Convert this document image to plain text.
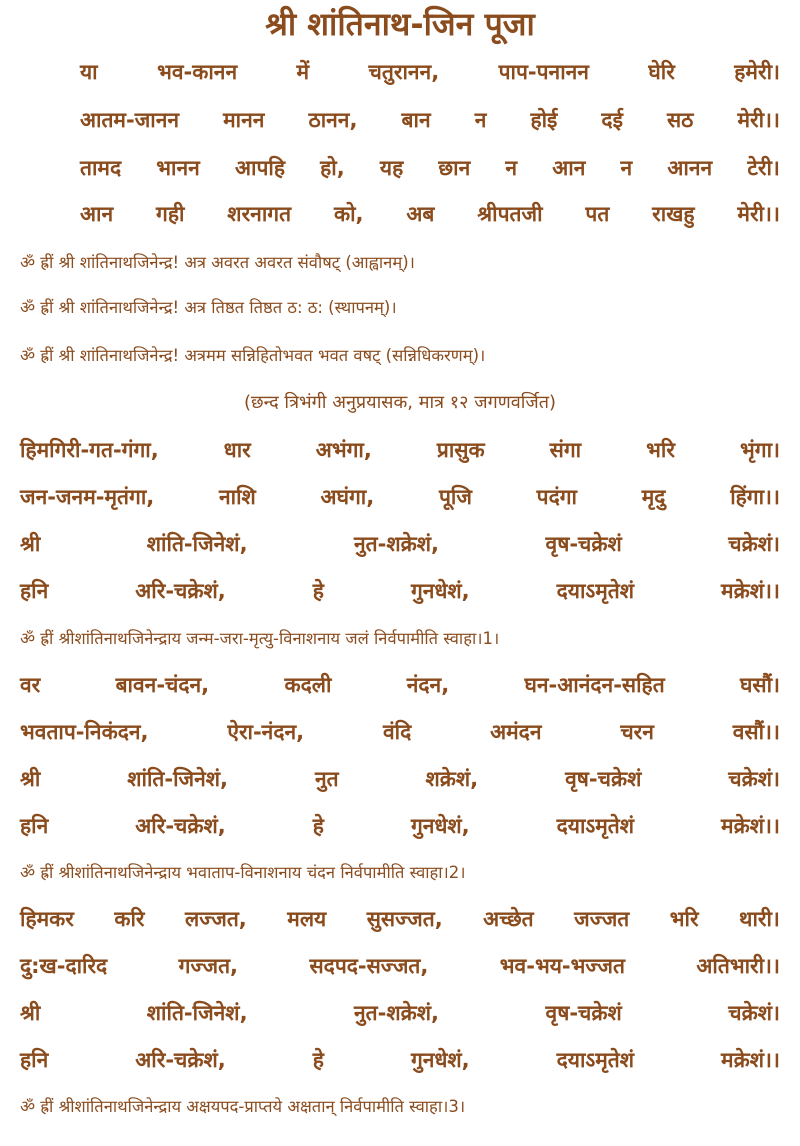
श्री शांतिनाथ-जिन पूजा
या	भव-कानन	में	चतुरानन,	पाप-पनानन	घेरि	हमेरी।
आतम-जानन मानन ठानन, बान न होई दई सठ मेरी।।
तामद भानन आपहि हो, यह छान न आन न आनन टेरी।
आन गही शरनागत को, अब श्रीपतजी पत राखहु मेरी।।
ॐ ह्रीं श्री शांतिनाथजिनेन्द्र! अत्र अवरत अवरत संवौषट् (आह्वानम्)।
ॐ ह्रीं श्री शांतिनाथजिनेन्द्र! अत्र तिष्ठत तिष्ठत ठ: ठ: (स्थापनम्)।
ॐ ह्रीं श्री शांतिनाथजिनेन्द्र! अत्रमम सन्निहितोभवत भवत वषट् (सन्निधिकरणम्)।
(छन्द त्रिभंगी अनुप्रयासक, मात्र १२ जगणवर्जित)
हिमगिरी-गत-गंगा,	धार	अभंगा,	प्रासुक	संगा	भरि	भृंगा।
जन-जनम-मृतंगा,	नाशि	अघंगा,	पूजि	पदंगा	मृदु	हिंगा।।
श्री	शांति-जिनेशं,	नुत-शक्रेशं,	वृष-चक्रेशं	चक्रेशं।
हनि	अरि-चक्रेशं,	हे	गुनधेशं,	दयाऽमृतेशं	मक्रेशं।।
ॐ ह्रीं श्रीशांतिनाथजिनेन्द्राय जन्म-जरा-मृत्यु-विनाशनाय जलं निर्वपामीति स्वाहा।1।
वर	बावन-चंदन,	कदली	नंदन,	घन-आनंदन-सहित	घसौं।
भवताप-निकंदन,	ऐरा-नंदन,	वंदि	अमंदन	चरन	वसौं।।
श्री	शांति-जिनेशं,	नुत	शक्रेशं,	वृष-चक्रेशं	चक्रेशं।
हनि	अरि-चक्रेशं,	हे	गुनधेशं,	दयाऽमृतेशं	मक्रेशं।।
ॐ ह्रीं श्रीशांतिनाथजिनेन्द्राय भवाताप-विनाशनाय चंदन निर्वपामीति स्वाहा।2।
हिमकर करि लज्जत, मलय सुसज्जत, अच्छेत जज्जत भरि थारी।
दु:ख-दारिद	गज्जत,	सदपद-सज्जत,	भव-भय-भज्जत	अतिभारी।।
श्री	शांति-जिनेशं,	नुत-शक्रेशं,	वृष-चक्रेशं	चक्रेशं।
हनि	अरि-चक्रेशं,	हे	गुनधेशं,	दयाऽमृतेशं	मक्रेशं।।
ॐ ह्रीं श्रीशांतिनाथजिनेन्द्राय अक्षयपद-प्राप्तये अक्षतान् निर्वपामीति स्वाहा।3।
